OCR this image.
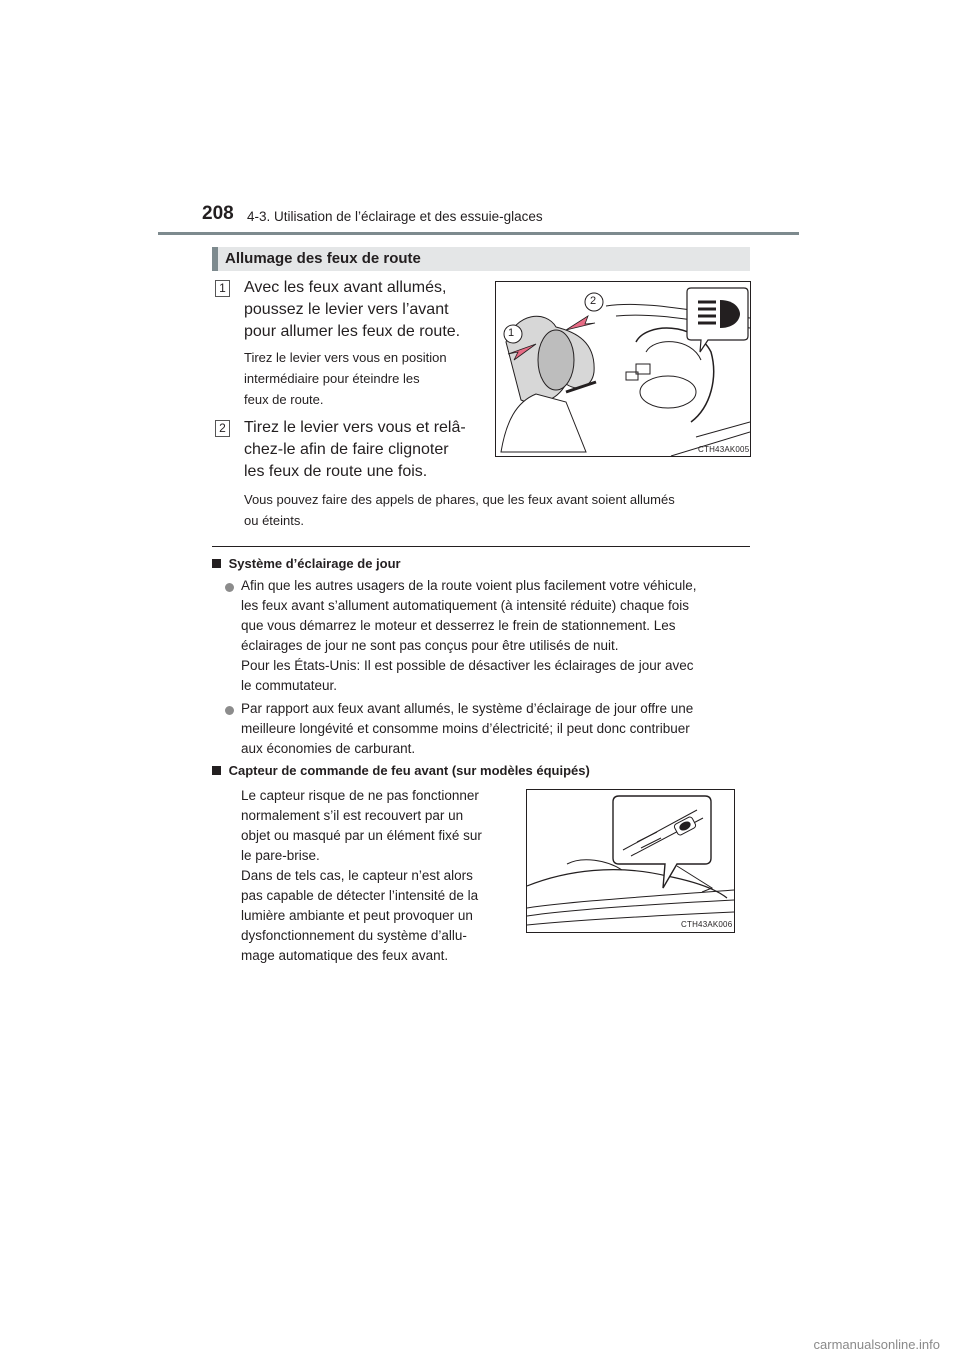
208 4-3. Utilisation de l’éclairage et des essuie-glaces
Allumage des feux de route
1 Avec les feux avant allumés,
poussez le levier vers l’avant
pour allumer les feux de route.
Tirez le levier vers vous en position
intermédiaire pour éteindre les
feux de route.
2 Tirez le levier vers vous et relâ-
chez-le afin de faire clignoter
les feux de route une fois.
Vous pouvez faire des appels de phares, que les feux avant soient allumés
ou éteints.
1
2
CTH43AK005
Système d’éclairage de jour
Afin que les autres usagers de la route voient plus facilement votre véhicule,
les feux avant s’allument automatiquement (à intensité réduite) chaque fois
que vous démarrez le moteur et desserrez le frein de stationnement. Les
éclairages de jour ne sont pas conçus pour être utilisés de nuit.
Pour les États-Unis: Il est possible de désactiver les éclairages de jour avec
le commutateur.
Par rapport aux feux avant allumés, le système d’éclairage de jour offre une
meilleure longévité et consomme moins d’électricité; il peut donc contribuer
aux économies de carburant.
Capteur de commande de feu avant (sur modèles équipés)
Le capteur risque de ne pas fonctionner
normalement s’il est recouvert par un
objet ou masqué par un élément fixé sur
le pare-brise.
Dans de tels cas, le capteur n’est alors
pas capable de détecter l’intensité de la
lumière ambiante et peut provoquer un
dysfonctionnement du système d’allu-
mage automatique des feux avant.
CTH43AK006
carmanualsonline.info
